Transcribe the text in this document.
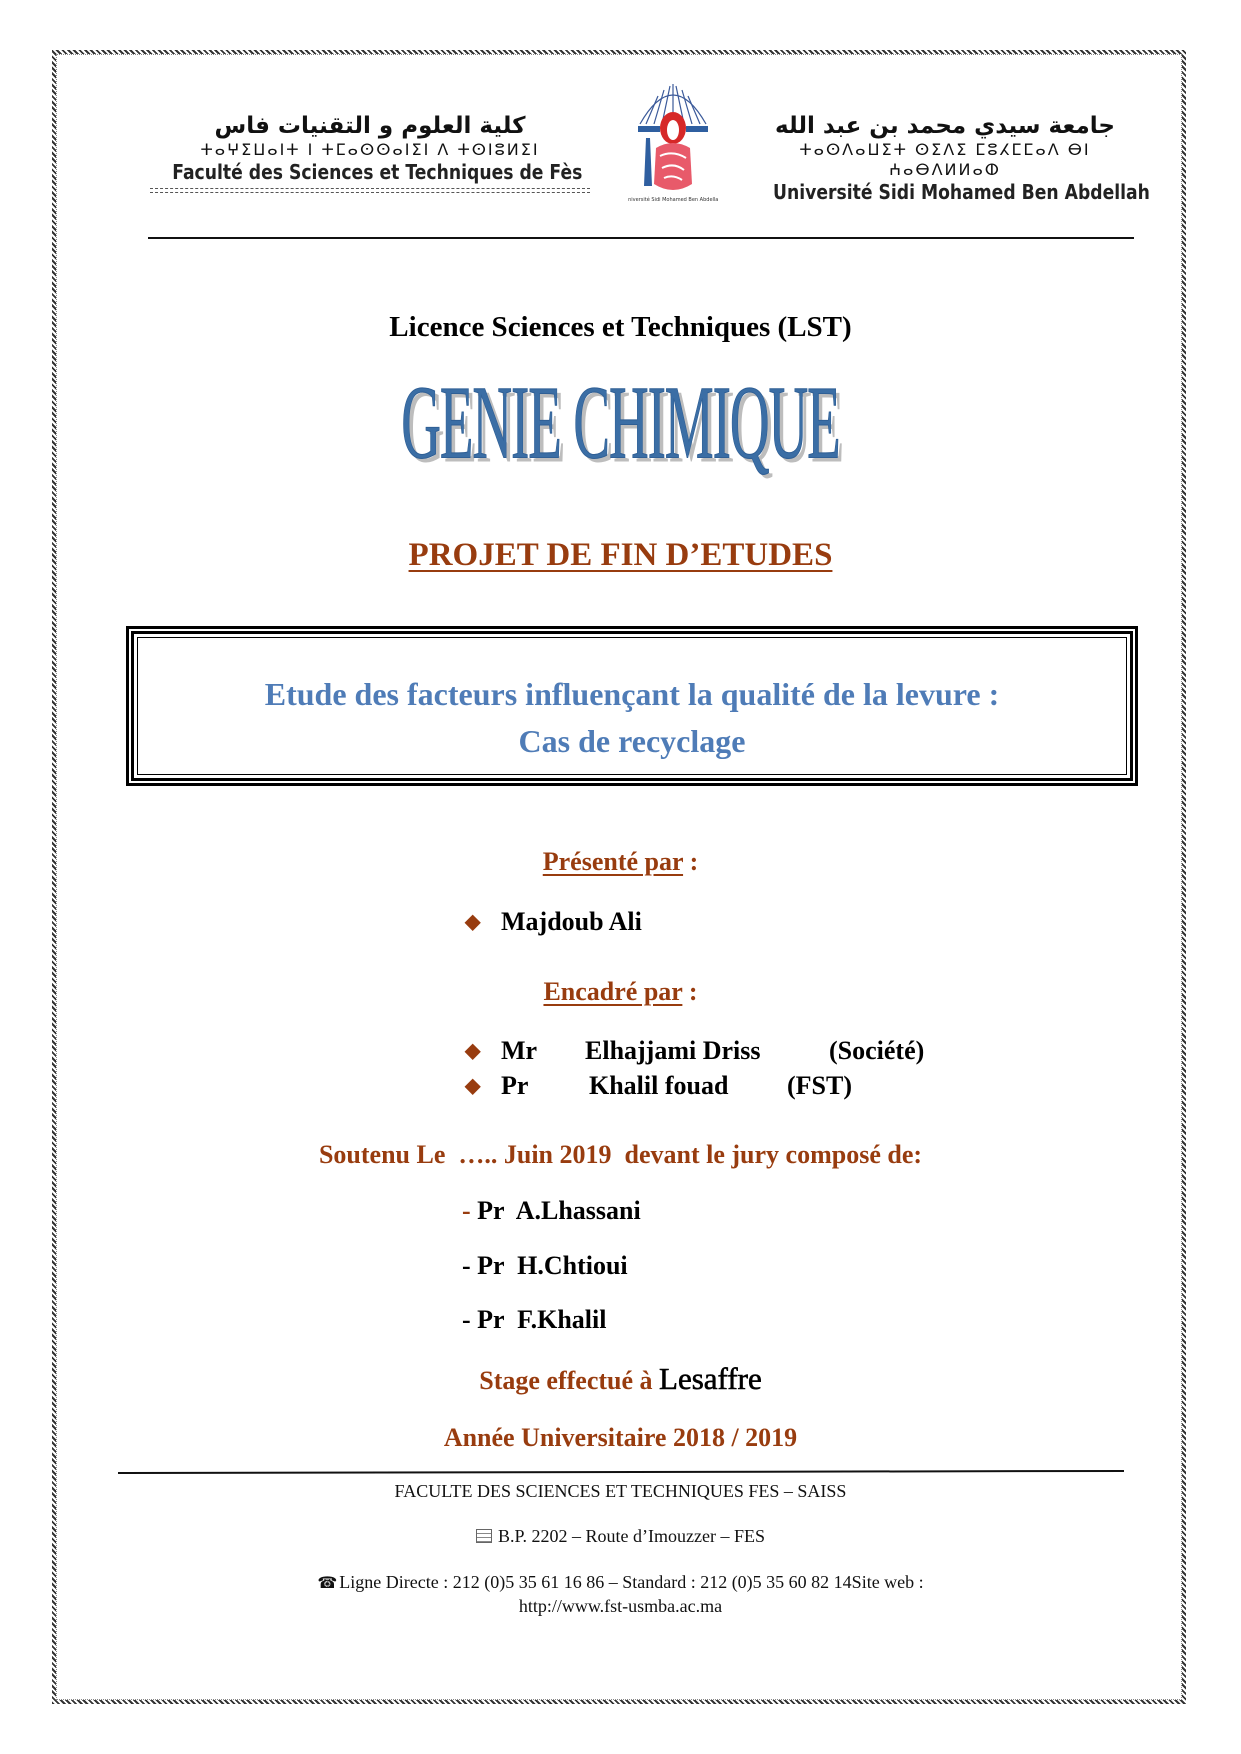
كلية العلوم و التقنيات فاس
ⵜⴰⵖⵉⵡⴰⵏⵜ ⵏ ⵜⵎⴰⵙⵙⴰⵏⵉⵏ ⴷ ⵜⵙⵏⵓⵍⵉⵏ
Faculté des Sciences et Techniques de Fès
Université Sidi Mohamed Ben Abdellah
جامعة سيدي محمد بن عبد الله
ⵜⴰⵙⴷⴰⵡⵉⵜ ⵙⵉⴷⵉ ⵎⵓⵃⵎⵎⴰⴷ ⴱⵏ ⵄⴰⴱⴷⵍⵍⴰⵀ
Université Sidi Mohamed Ben Abdellah
Licence Sciences et Techniques (LST)
GENIE CHIMIQUE
PROJET DE FIN D’ETUDES
Etude des facteurs influençant la qualité de la levure :
Cas de recyclage
Présenté par :
◆ Majdoub Ali
Encadré par :
◆ Mr Elhajjami Driss	(Société)
◆ Pr Khalil fouad (FST)
Soutenu Le  ….. Juin 2019  devant le jury composé de:
- Pr A.Lhassani
- Pr H.Chtioui
- Pr F.Khalil
Stage effectué à Lesaffre
Année Universitaire 2018 / 2019
FACULTE DES SCIENCES ET TECHNIQUES FES – SAISS
B.P. 2202 – Route d’Imouzzer – FES
☎ Ligne Directe : 212 (0)5 35 61 16 86 – Standard : 212 (0)5 35 60 82 14Site web :
http://www.fst-usmba.ac.ma
